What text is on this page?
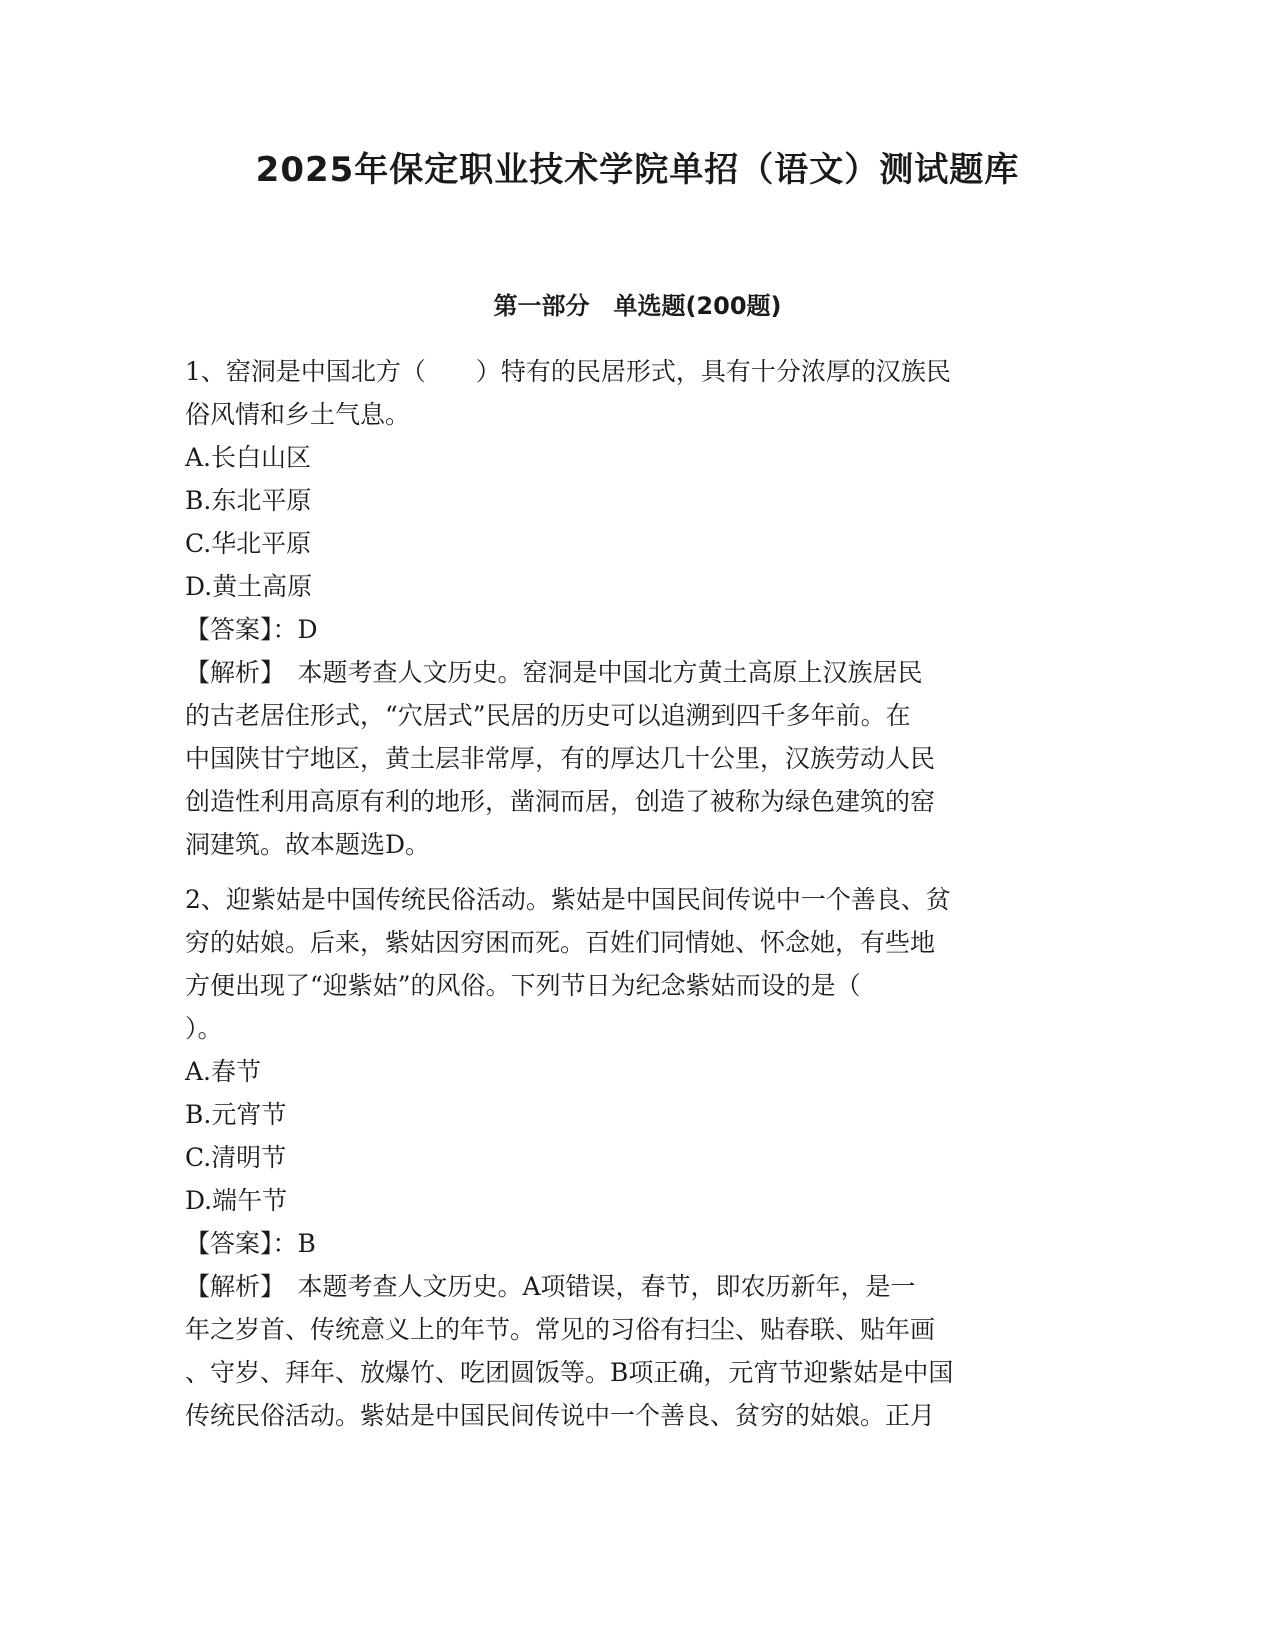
2025年保定职业技术学院单招（语文）测试题库
第一部分　单选题(200题)
1、窑洞是中国北方（　　）特有的民居形式，具有十分浓厚的汉族民
俗风情和乡土气息。
A.长白山区
B.东北平原
C.华北平原
D.黄土高原
【答案】：D
【解析】　本题考查人文历史。窑洞是中国北方黄土高原上汉族居民
的古老居住形式，“穴居式”民居的历史可以追溯到四千多年前。在
中国陕甘宁地区，黄土层非常厚，有的厚达几十公里，汉族劳动人民
创造性利用高原有利的地形，凿洞而居，创造了被称为绿色建筑的窑
洞建筑。故本题选D。
2、迎紫姑是中国传统民俗活动。紫姑是中国民间传说中一个善良、贫
穷的姑娘。后来，紫姑因穷困而死。百姓们同情她、怀念她，有些地
方便出现了“迎紫姑”的风俗。下列节日为纪念紫姑而设的是（
）。
A.春节
B.元宵节
C.清明节
D.端午节
【答案】：B
【解析】　本题考查人文历史。A项错误，春节，即农历新年，是一
年之岁首、传统意义上的年节。常见的习俗有扫尘、贴春联、贴年画
、守岁、拜年、放爆竹、吃团圆饭等。B项正确，元宵节迎紫姑是中国
传统民俗活动。紫姑是中国民间传说中一个善良、贫穷的姑娘。正月
